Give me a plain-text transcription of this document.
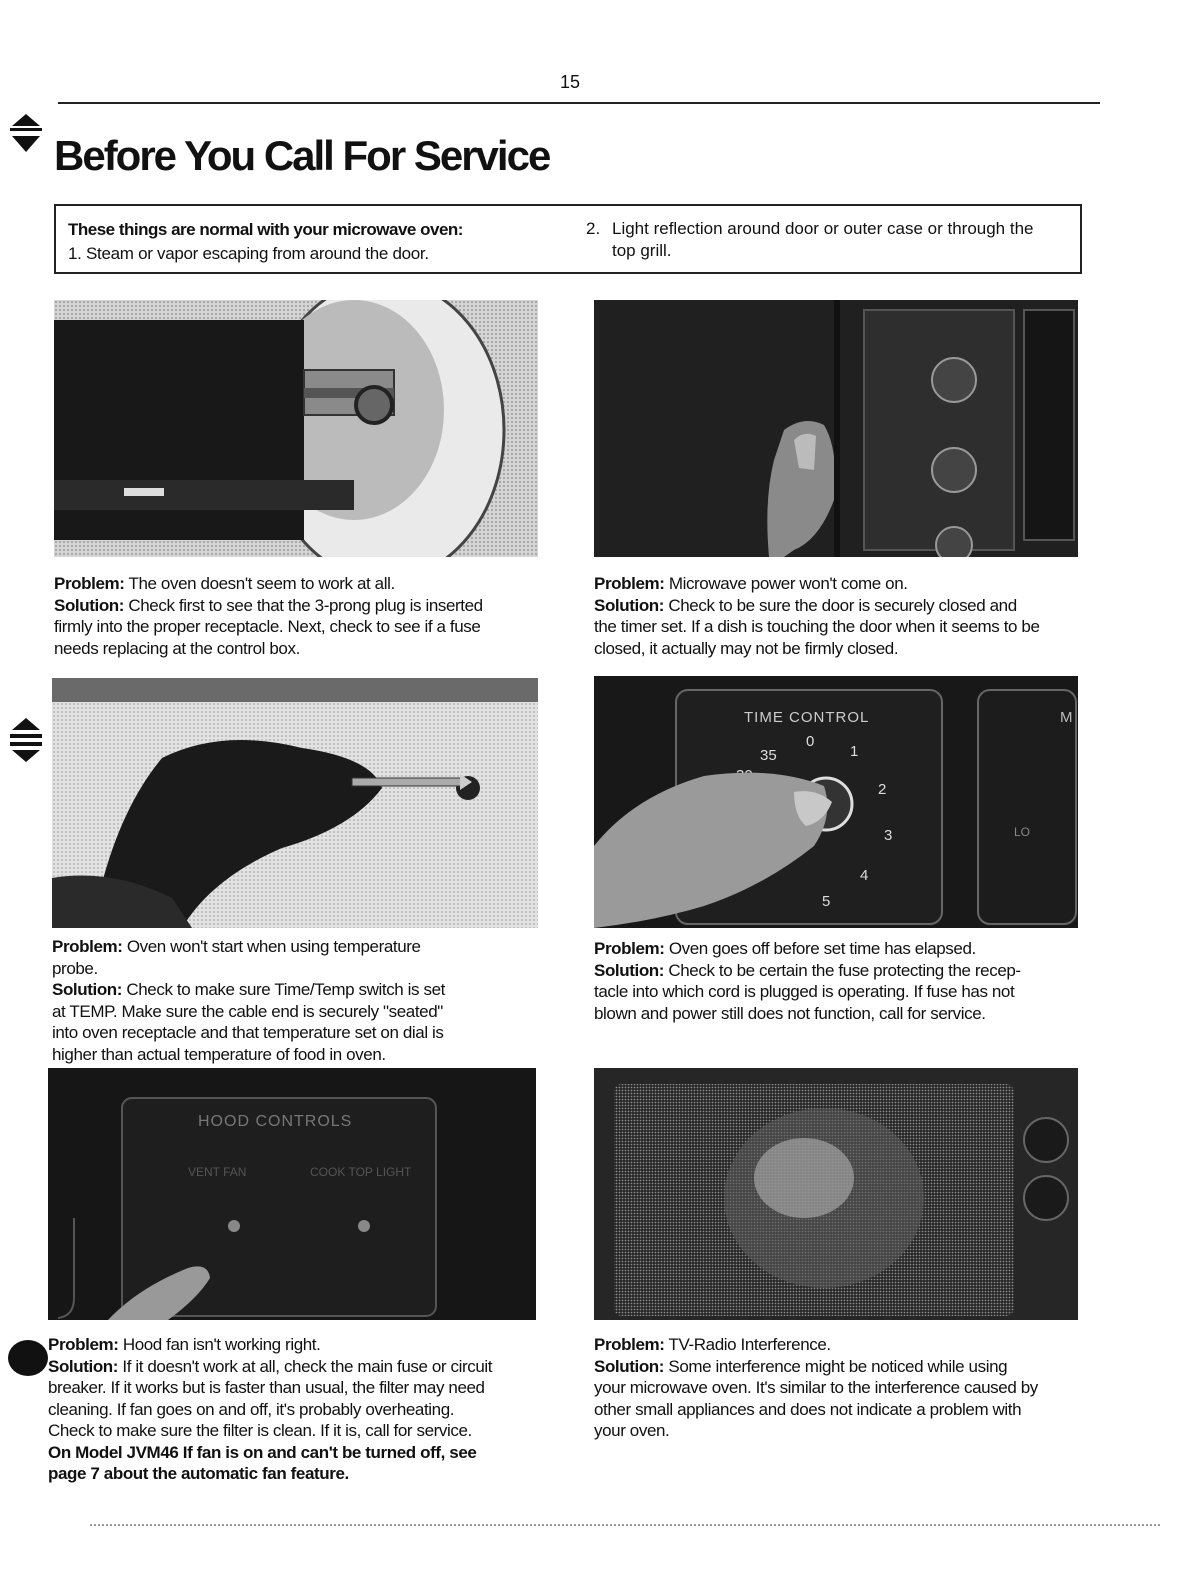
15
Before You Call For Service
These things are normal with your microwave oven:
1. Steam or vapor escaping from around the door.
2. Light reflection around door or outer case or through the
top grill.
Problem: The oven doesn't seem to work at all.
Solution: Check first to see that the 3-prong plug is inserted
firmly into the proper receptacle. Next, check to see if a fuse
needs replacing at the control box.
Problem: Microwave power won't come on.
Solution: Check to be sure the door is securely closed and
the timer set. If a dish is touching the door when it seems to be
closed, it actually may not be firmly closed.
TIME CONTROL
0
1
2
3
4
5
35
M
LO
Problem: Oven won't start when using temperature
probe.
Solution: Check to make sure Time/Temp switch is set
at TEMP. Make sure the cable end is securely "seated"
into oven receptacle and that temperature set on dial is
higher than actual temperature of food in oven.
Problem: Oven goes off before set time has elapsed.
Solution: Check to be certain the fuse protecting the recep-
tacle into which cord is plugged is operating. If fuse has not
blown and power still does not function, call for service.
HOOD CONTROLS
VENT FAN	COOK TOP LIGHT
Problem: Hood fan isn't working right.
Solution: If it doesn't work at all, check the main fuse or circuit
breaker. If it works but is faster than usual, the filter may need
cleaning. If fan goes on and off, it's probably overheating.
Check to make sure the filter is clean. If it is, call for service.
On Model JVM46 If fan is on and can't be turned off, see
page 7 about the automatic fan feature.
Problem: TV-Radio Interference.
Solution: Some interference might be noticed while using
your microwave oven. It's similar to the interference caused by
other small appliances and does not indicate a problem with
your oven.
